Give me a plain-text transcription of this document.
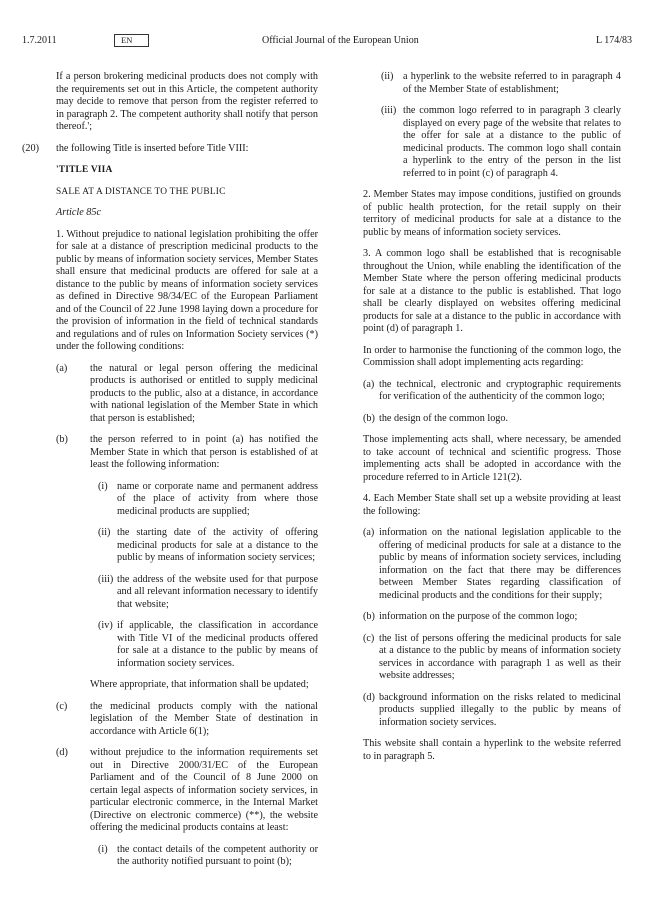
1.7.2011	EN	Official Journal of the European Union	L 174/83

If a person brokering medicinal products does not comply with the requirements set out in this Article, the competent authority may decide to remove that person from the register referred to in paragraph 2. The competent authority shall notify that person thereof.';

(20)	the following Title is inserted before Title VIII:

'TITLE VIIA

SALE AT A DISTANCE TO THE PUBLIC

Article 85c

1. Without prejudice to national legislation prohibiting the offer for sale at a distance of prescription medicinal products to the public by means of information society services, Member States shall ensure that medicinal products are offered for sale at a distance to the public by means of information society services as defined in Directive 98/34/EC of the European Parliament and of the Council of 22 June 1998 laying down a procedure for the provision of information in the field of technical standards and regulations and of rules on Information Society services (*) under the following conditions:

(a) the natural or legal person offering the medicinal products is authorised or entitled to supply medicinal products to the public, also at a distance, in accordance with national legislation of the Member State in which that person is established;
(b) the person referred to in point (a) has notified the Member State in which that person is established of at least the following information:
(i) name or corporate name and permanent address of the place of activity from where those medicinal products are supplied;
(ii) the starting date of the activity of offering medicinal products for sale at a distance to the public by means of information society services;
(iii) the address of the website used for that purpose and all relevant information necessary to identify that website;
(iv) if applicable, the classification in accordance with Title VI of the medicinal products offered for sale at a distance to the public by means of information society services.

Where appropriate, that information shall be updated;

(c) the medicinal products comply with the national legislation of the Member State of destination in accordance with Article 6(1);
(d) without prejudice to the information requirements set out in Directive 2000/31/EC of the European Parliament and of the Council of 8 June 2000 on certain legal aspects of information society services, in particular electronic commerce, in the Internal Market (Directive on electronic commerce) (**), the website offering the medicinal products contains at least:
(i) the contact details of the competent authority or the authority notified pursuant to point (b);
(ii) a hyperlink to the website referred to in paragraph 4 of the Member State of establishment;
(iii) the common logo referred to in paragraph 3 clearly displayed on every page of the website that relates to the offer for sale at a distance to the public of medicinal products. The common logo shall contain a hyperlink to the entry of the person in the list referred to in point (c) of paragraph 4.

2. Member States may impose conditions, justified on grounds of public health protection, for the retail supply on their territory of medicinal products for sale at a distance to the public by means of information society services.

3. A common logo shall be established that is recognisable throughout the Union, while enabling the identification of the Member State where the person offering medicinal products for sale at a distance to the public is established. That logo shall be clearly displayed on websites offering medicinal products for sale at a distance to the public in accordance with point (d) of paragraph 1.

In order to harmonise the functioning of the common logo, the Commission shall adopt implementing acts regarding:

(a) the technical, electronic and cryptographic requirements for verification of the authenticity of the common logo;
(b) the design of the common logo.

Those implementing acts shall, where necessary, be amended to take account of technical and scientific progress. Those implementing acts shall be adopted in accordance with the procedure referred to in Article 121(2).

4. Each Member State shall set up a website providing at least the following:

(a) information on the national legislation applicable to the offering of medicinal products for sale at a distance to the public by means of information society services, including information on the fact that there may be differences between Member States regarding classification of medicinal products and the conditions for their supply;
(b) information on the purpose of the common logo;
(c) the list of persons offering the medicinal products for sale at a distance to the public by means of information society services in accordance with paragraph 1 as well as their website addresses;
(d) background information on the risks related to medicinal products supplied illegally to the public by means of information society services.

This website shall contain a hyperlink to the website referred to in paragraph 5.
